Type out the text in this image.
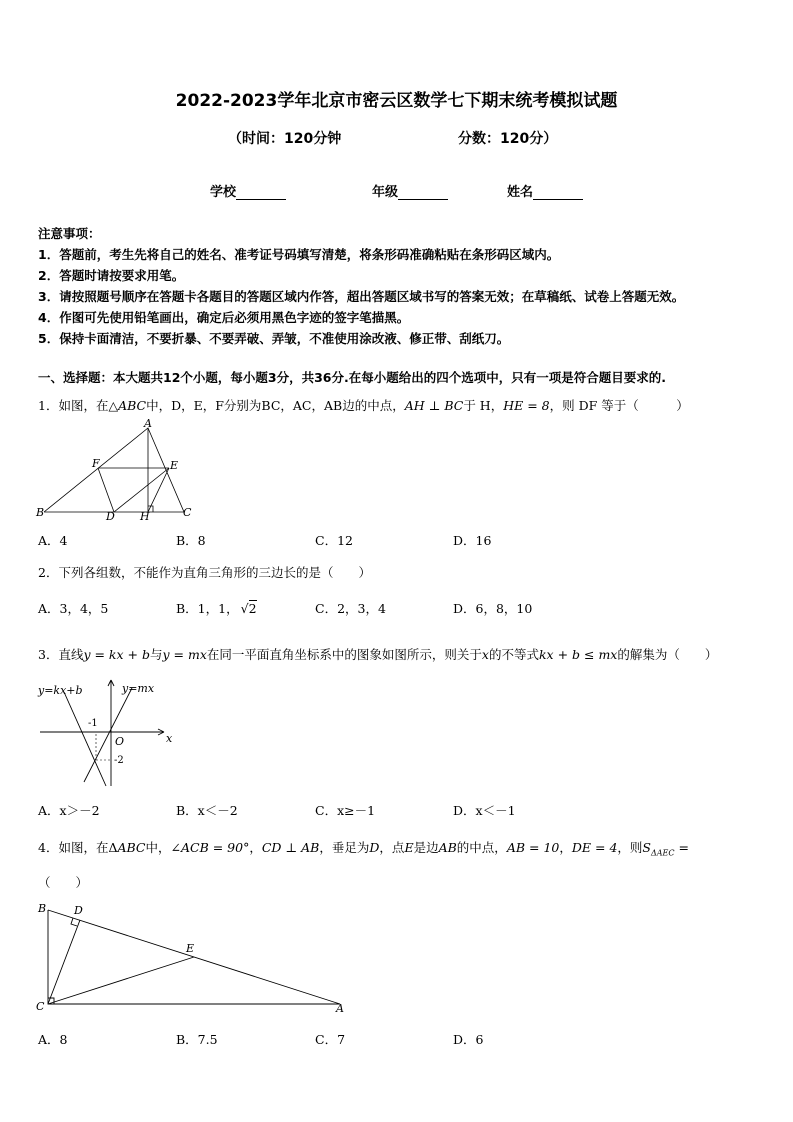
2022-2023学年北京市密云区数学七下期末统考模拟试题
（时间：120分钟	分数：120分）
学校	年级	姓名
注意事项：
1．答题前，考生先将自己的姓名、准考证号码填写清楚，将条形码准确粘贴在条形码区域内。
2．答题时请按要求用笔。
3．请按照题号顺序在答题卡各题目的答题区域内作答，超出答题区域书写的答案无效；在草稿纸、试卷上答题无效。
4．作图可先使用铅笔画出，确定后必须用黑色字迹的签字笔描黑。
5．保持卡面清洁，不要折暴、不要弄破、弄皱，不准使用涂改液、修正带、刮纸刀。
一、选择题：本大题共12个小题，每小题3分，共36分.在每小题给出的四个选项中，只有一项是符合题目要求的.
1．如图，在△ABC中，D，E，F分别为BC，AC，AB边的中点，AH ⊥ BC于 H，HE = 8，则 DF 等于（　　　）
A
B	C
D
E
F
H
A．4	B．8	C．12	D．16
2．下列各组数，不能作为直角三角形的三边长的是（　　）
A．3，4，5	B．1，1， √2	C．2，3，4	D．6，8，10
3．直线y = kx + b与y = mx在同一平面直角坐标系中的图象如图所示，则关于x的不等式kx + b ≤ mx的解集为（　　）
y=kx+b	y=mx
O	x
-1
-2
A．x＞－2	B．x＜－2	C．x≥－1	D．x＜－1
4．如图，在ΔABC中，∠ACB = 90°，CD ⊥ AB，垂足为D，点E是边AB的中点，AB = 10，DE = 4，则$S_{\Delta AEC}$ =
（　　）
B	D
E
C	A
A．8	B．7.5	C．7	D．6
